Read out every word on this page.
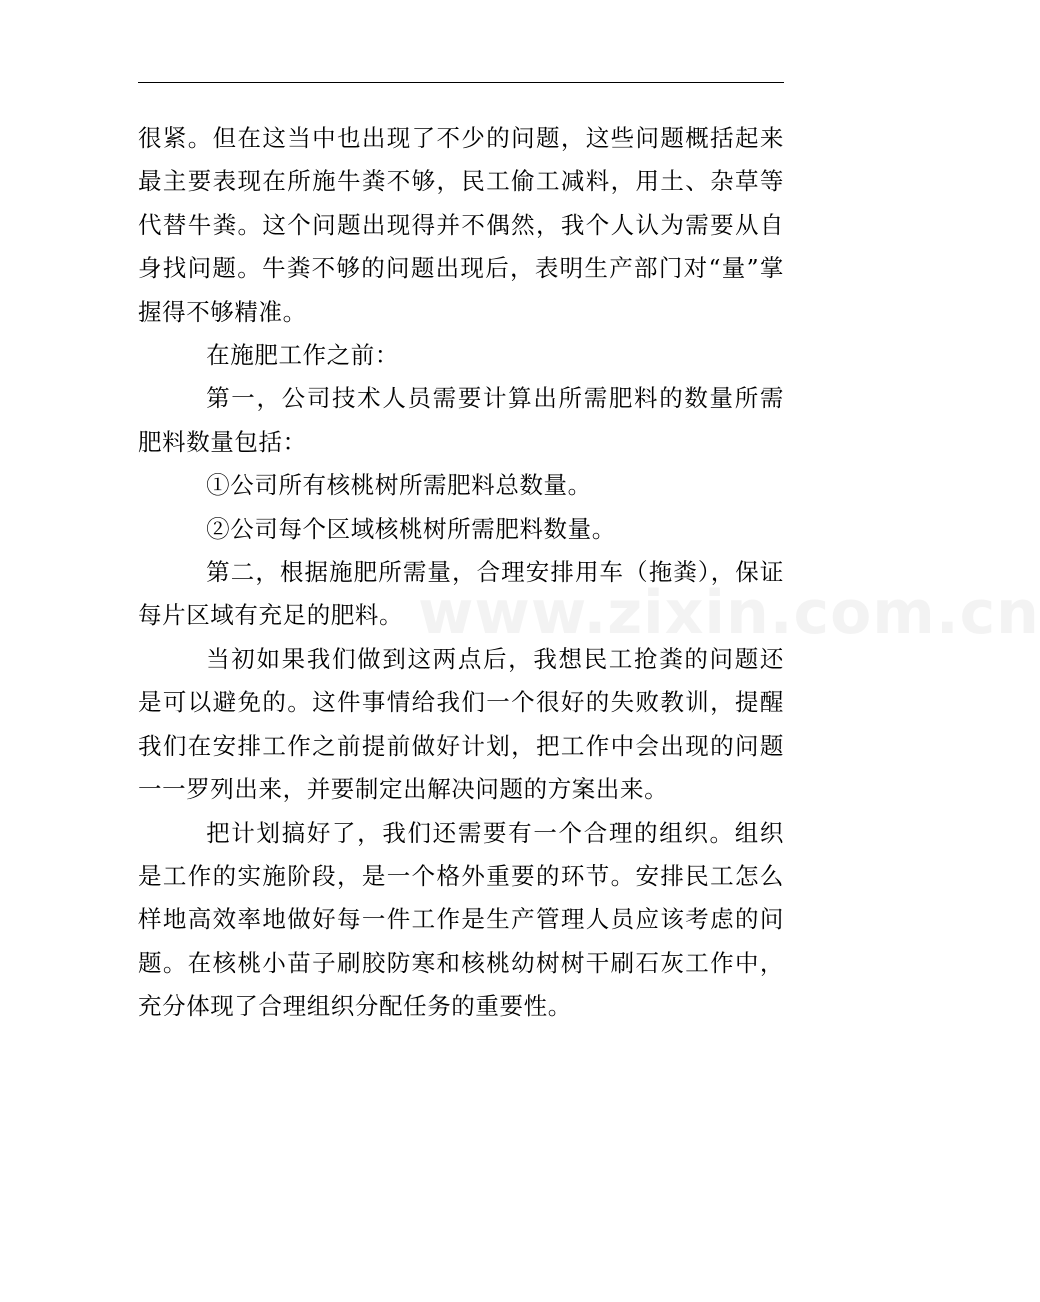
很紧。但在这当中也出现了不少的问题，这些问题概括起来最主要表现在所施牛粪不够，民工偷工减料，用土、杂草等代替牛粪。这个问题出现得并不偶然，我个人认为需要从自身找问题。牛粪不够的问题出现后，表明生产部门对“量”掌握得不够精准。

在施肥工作之前：

第一，公司技术人员需要计算出所需肥料的数量所需肥料数量包括：

①公司所有核桃树所需肥料总数量。

②公司每个区域核桃树所需肥料数量。

第二，根据施肥所需量，合理安排用车（拖粪），保证每片区域有充足的肥料。

当初如果我们做到这两点后，我想民工抢粪的问题还是可以避免的。这件事情给我们一个很好的失败教训，提醒我们在安排工作之前提前做好计划，把工作中会出现的问题一一罗列出来，并要制定出解决问题的方案出来。

把计划搞好了，我们还需要有一个合理的组织。组织是工作的实施阶段，是一个格外重要的环节。安排民工怎么样地高效率地做好每一件工作是生产管理人员应该考虑的问题。在核桃小苗子刷胶防寒和核桃幼树树干刷石灰工作中，充分体现了合理组织分配任务的重要性。

www.zixin.com.cn
